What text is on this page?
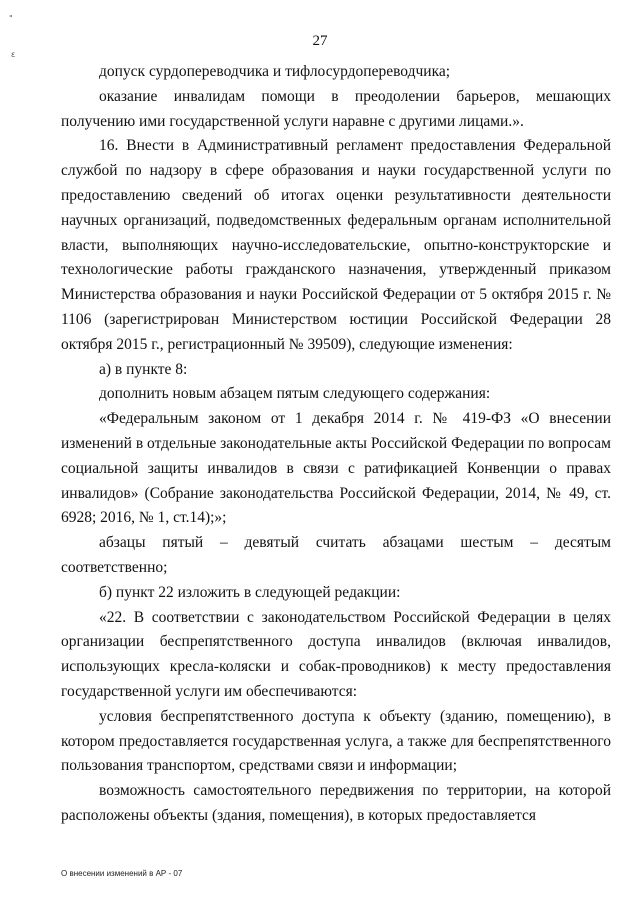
"
ε
27

допуск сурдопереводчика и тифлосурдопереводчика;

оказание инвалидам помощи в преодолении барьеров, мешающих получению ими государственной услуги наравне с другими лицами.».

16. Внести в Административный регламент предоставления Федеральной службой по надзору в сфере образования и науки государственной услуги по предоставлению сведений об итогах оценки результативности деятельности научных организаций, подведомственных федеральным органам исполнительной власти, выполняющих научно-исследовательские, опытно-конструкторские и технологические работы гражданского назначения, утвержденный приказом Министерства образования и науки Российской Федерации от 5 октября 2015 г. № 1106 (зарегистрирован Министерством юстиции Российской Федерации 28 октября 2015 г., регистрационный № 39509), следующие изменения:

а) в пункте 8:

дополнить новым абзацем пятым следующего содержания:

«Федеральным законом от 1 декабря 2014 г. № 419-ФЗ «О внесении изменений в отдельные законодательные акты Российской Федерации по вопросам социальной защиты инвалидов в связи с ратификацией Конвенции о правах инвалидов» (Собрание законодательства Российской Федерации, 2014, № 49, ст. 6928; 2016, № 1, ст.14);»;

абзацы пятый – девятый считать абзацами шестым – десятым соответственно;

б) пункт 22 изложить в следующей редакции:

«22. В соответствии с законодательством Российской Федерации в целях организации беспрепятственного доступа инвалидов (включая инвалидов, использующих кресла-коляски и собак-проводников) к месту предоставления государственной услуги им обеспечиваются:

условия беспрепятственного доступа к объекту (зданию, помещению), в котором предоставляется государственная услуга, а также для беспрепятственного пользования транспортом, средствами связи и информации;

возможность самостоятельного передвижения по территории, на которой расположены объекты (здания, помещения), в которых предоставляется

О внесении изменений в АР - 07
